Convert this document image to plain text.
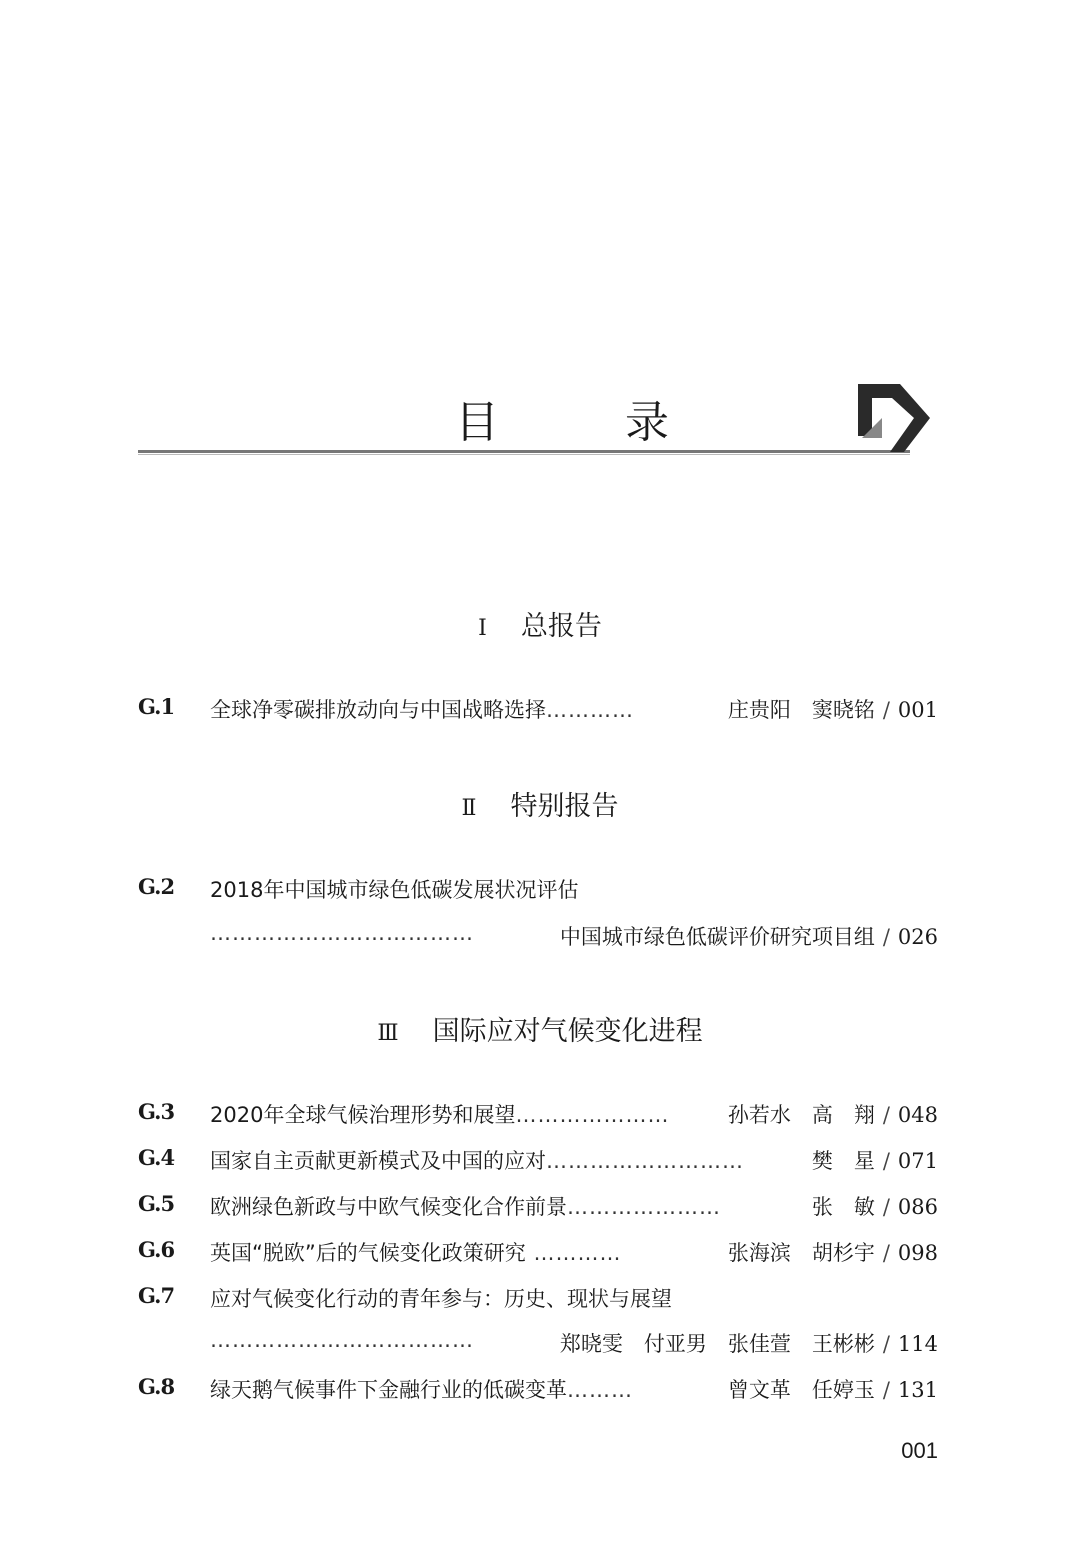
目 录
Ⅰ 总报告
G.1 全球净零碳排放动向与中国战略选择…………	庄贵阳　窦晓铭 / 001
Ⅱ 特别报告
G.2 2018年中国城市绿色低碳发展状况评估
………………………………	中国城市绿色低碳评价研究项目组 / 026
Ⅲ 国际应对气候变化进程
G.3 2020年全球气候治理形势和展望…………………	孙若水　高　翔 / 048
G.4 国家自主贡献更新模式及中国的应对………………………	樊　星 / 071
G.5 欧洲绿色新政与中欧气候变化合作前景…………………	张　敏 / 086
G.6 英国“脱欧”后的气候变化政策研究 …………	张海滨　胡杉宇 / 098
G.7 应对气候变化行动的青年参与：历史、现状与展望
………………………………	郑晓雯　付亚男　张佳萱　王彬彬 / 114
G.8 绿天鹅气候事件下金融行业的低碳变革………	曾文革　任婷玉 / 131
001
